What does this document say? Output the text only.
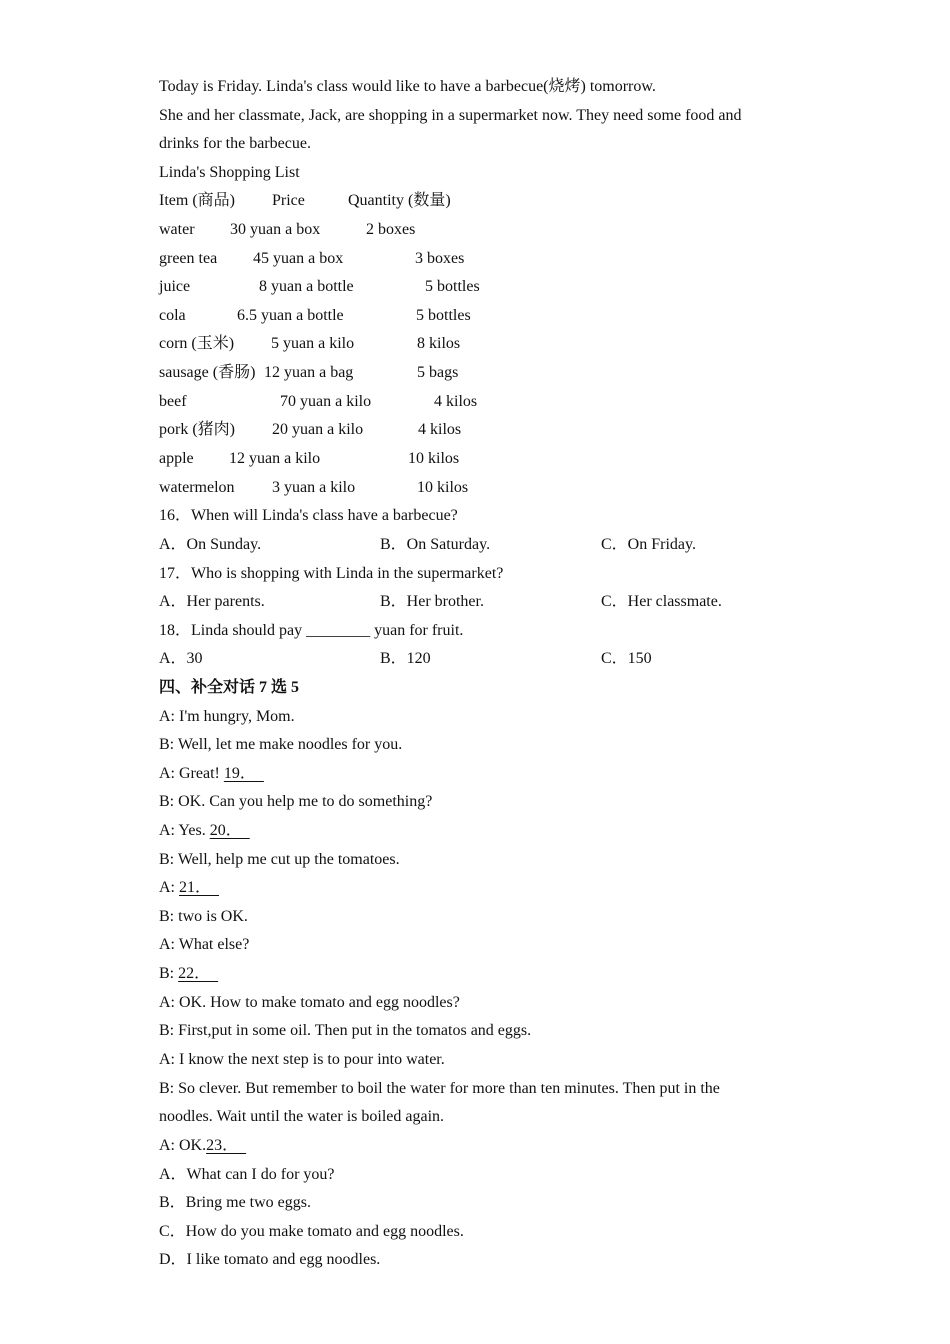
Today is Friday. Linda's class would like to have a barbecue(烧烤) tomorrow.
She and her classmate, Jack, are shopping in a supermarket now. They need some food and
drinks for the barbecue.
Linda's Shopping List
Item (商品) Price	Quantity (数量)
water 30 yuan a box	2 boxes
green tea 45 yuan a box	3 boxes
juice	8 yuan a bottle	5 bottles
cola	6.5 yuan a bottle	5 bottles
corn (玉米) 5 yuan a kilo	8 kilos
sausage (香肠) 12 yuan a bag	5 bags
beef	70 yuan a kilo	4 kilos
pork (猪肉) 20 yuan a kilo	4 kilos
apple 12 yuan a kilo	10 kilos
watermelon 3 yuan a kilo	10 kilos
16．When will Linda's class have a barbecue?
A．On Sunday.	B．On Saturday.	C．On Friday.
17．Who is shopping with Linda in the supermarket?
A．Her parents.	B．Her brother.	C．Her classmate.
18．Linda should pay ________ yuan for fruit.
A．30	B．120	C．150
四、补全对话 7 选 5
A: I'm hungry, Mom.
B: Well, let me make noodles for you.
A: Great! 19．
B: OK. Can you help me to do something?
A: Yes. 20．
B: Well, help me cut up the tomatoes.
A: 21．
B: two is OK.
A: What else?
B: 22．
A: OK. How to make tomato and egg noodles?
B: First,put in some oil. Then put in the tomatos and eggs.
A: I know the next step is to pour into water.
B: So clever. But remember to boil the water for more than ten minutes. Then put in the
noodles. Wait until the water is boiled again.
A: OK.23．
A．What can I do for you?
B．Bring me two eggs.
C．How do you make tomato and egg noodles.
D．I like tomato and egg noodles.
